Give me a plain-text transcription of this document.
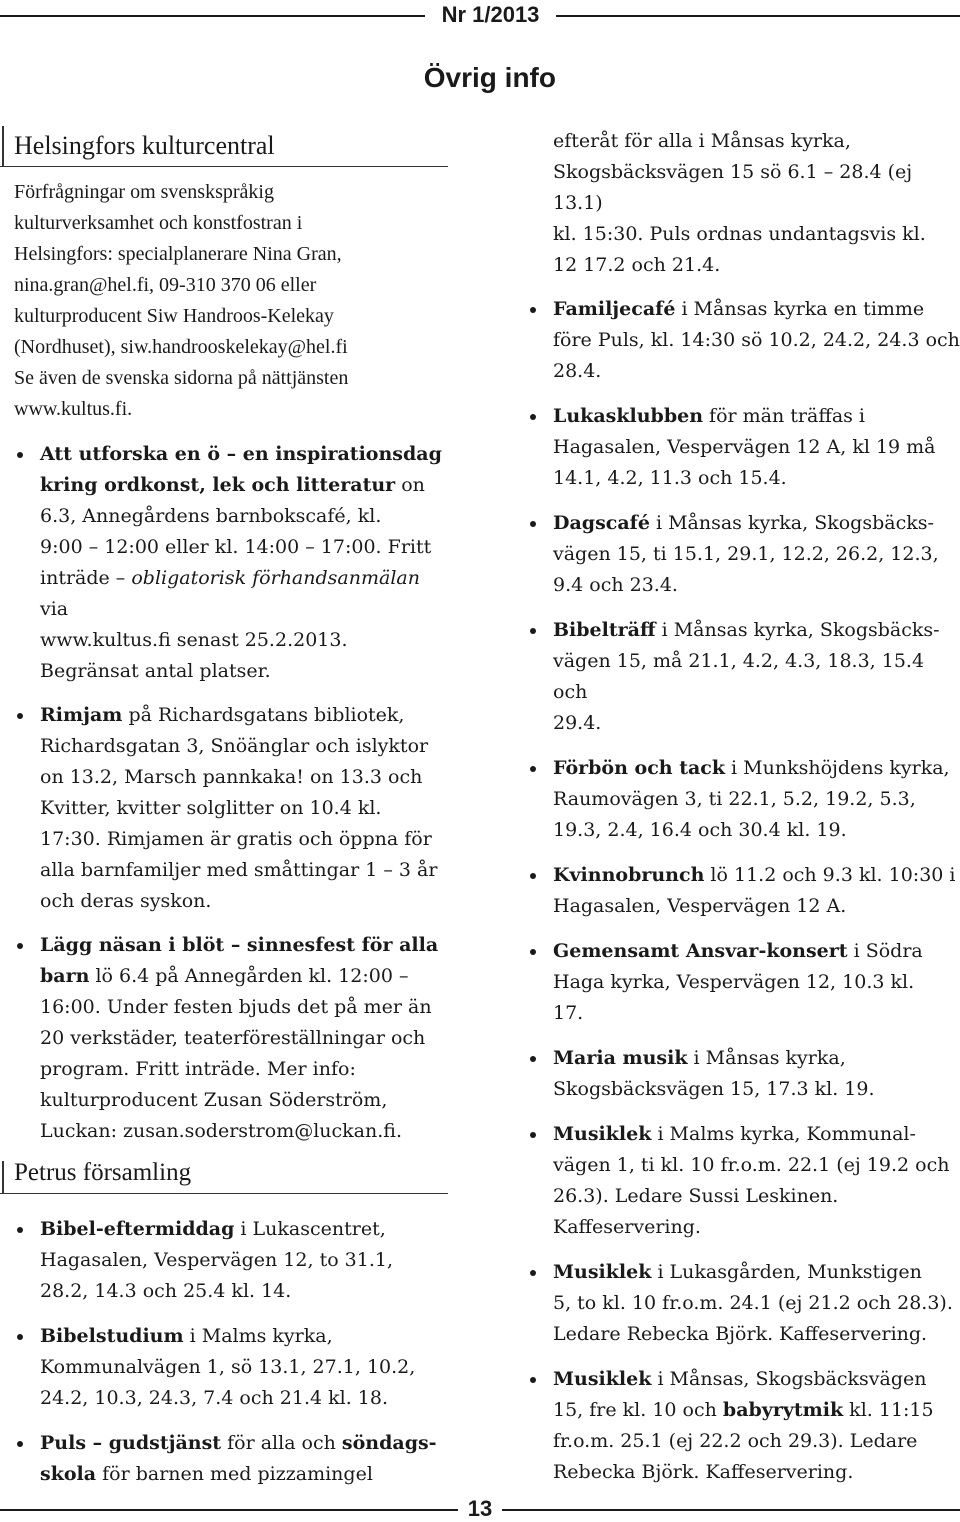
Nr 1/2013
Övrig info
Helsingfors kulturcentral
Förfrågningar om svenskspråkig
kulturverksamhet och konstfostran i
Helsingfors: specialplanerare Nina Gran,
nina.gran@hel.fi, 09-310 370 06 eller
kulturproducent Siw Handroos-Kelekay
(Nordhuset), siw.handrooskelekay@hel.fi
Se även de svenska sidorna på nättjänsten
www.kultus.fi.
Att utforska en ö – en inspirationsdag
kring ordkonst, lek och litteratur on
6.3, Annegårdens barnbokscafé, kl.
9:00 – 12:00 eller kl. 14:00 – 17:00. Fritt
inträde – obligatorisk förhandsanmälan via
www.kultus.fi senast 25.2.2013.
Begränsat antal platser.
Rimjam på Richardsgatans bibliotek,
Richardsgatan 3, Snöänglar och islyktor
on 13.2, Marsch pannkaka! on 13.3 och
Kvitter, kvitter solglitter on 10.4 kl.
17:30. Rimjamen är gratis och öppna för
alla barnfamiljer med småttingar 1 – 3 år
och deras syskon.
Lägg näsan i blöt – sinnesfest för alla
barn lö 6.4 på Annegården kl. 12:00 –
16:00. Under festen bjuds det på mer än
20 verkstäder, teaterföreställningar och
program. Fritt inträde. Mer info:
kulturproducent Zusan Söderström,
Luckan: zusan.soderstrom@luckan.fi.
Petrus församling
Bibel-eftermiddag i Lukascentret,
Hagasalen, Vespervägen 12, to 31.1,
28.2, 14.3 och 25.4 kl. 14.
Bibelstudium i Malms kyrka,
Kommunalvägen 1, sö 13.1, 27.1, 10.2,
24.2, 10.3, 24.3, 7.4 och 21.4 kl. 18.
Puls – gudstjänst för alla och söndags-
skola för barnen med pizzamingel
efteråt för alla i Månsas kyrka,
Skogsbäcksvägen 15 sö 6.1 – 28.4 (ej 13.1)
kl. 15:30. Puls ordnas undantagsvis kl.
12 17.2 och 21.4.
Familjecafé i Månsas kyrka en timme
före Puls, kl. 14:30 sö 10.2, 24.2, 24.3 och
28.4.
Lukasklubben för män träffas i
Hagasalen, Vespervägen 12 A, kl 19 må
14.1, 4.2, 11.3 och 15.4.
Dagscafé i Månsas kyrka, Skogsbäcks-
vägen 15, ti 15.1, 29.1, 12.2, 26.2, 12.3,
9.4 och 23.4.
Bibelträff i Månsas kyrka, Skogsbäcks-
vägen 15, må 21.1, 4.2, 4.3, 18.3, 15.4 och
29.4.
Förbön och tack i Munkshöjdens kyrka,
Raumovägen 3, ti 22.1, 5.2, 19.2, 5.3,
19.3, 2.4, 16.4 och 30.4 kl. 19.
Kvinnobrunch lö 11.2 och 9.3 kl. 10:30 i
Hagasalen, Vespervägen 12 A.
Gemensamt Ansvar-konsert i Södra
Haga kyrka, Vespervägen 12, 10.3 kl.
17.
Maria musik i Månsas kyrka,
Skogsbäcksvägen 15, 17.3 kl. 19.
Musiklek i Malms kyrka, Kommunal-
vägen 1, ti kl. 10 fr.o.m. 22.1 (ej 19.2 och
26.3). Ledare Sussi Leskinen.
Kaffeservering.
Musiklek i Lukasgården, Munkstigen
5, to kl. 10 fr.o.m. 24.1 (ej 21.2 och 28.3).
Ledare Rebecka Björk. Kaffeservering.
Musiklek i Månsas, Skogsbäcksvägen
15, fre kl. 10 och babyrytmik kl. 11:15
fr.o.m. 25.1 (ej 22.2 och 29.3). Ledare
Rebecka Björk. Kaffeservering.
13
